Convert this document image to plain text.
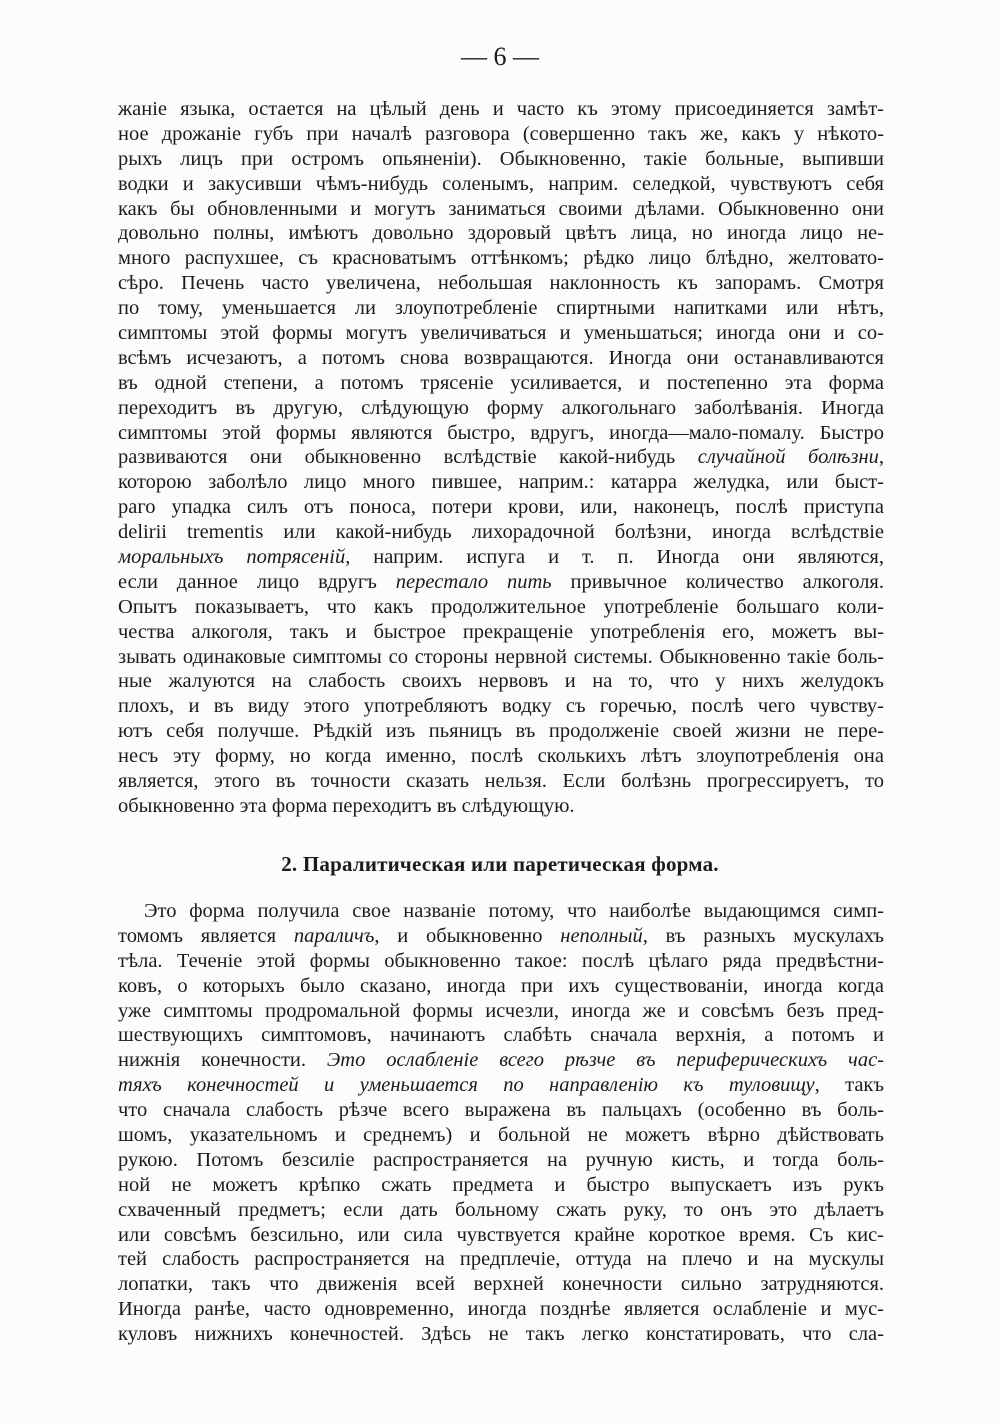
— 6 —
жаніе языка, остается на цѣлый день и часто къ этому присоединяется замѣт-
ное дрожаніе губъ при началѣ разговора (совершенно такъ же, какъ у нѣкото-
рыхъ лицъ при остромъ опьяненіи). Обыкновенно, такіе больные, выпивши
водки и закусивши чѣмъ-нибудь соленымъ, наприм. селедкой, чувствуютъ себя
какъ бы обновленными и могутъ заниматься своими дѣлами. Обыкновенно они
довольно полны, имѣютъ довольно здоровый цвѣтъ лица, но иногда лицо не-
много распухшее, съ красноватымъ оттѣнкомъ; рѣдко лицо блѣдно, желтовато-
сѣро. Печень часто увеличена, небольшая наклонность къ запорамъ. Смотря
по тому, уменьшается ли злоупотребленіе спиртными напитками или нѣтъ,
симптомы этой формы могутъ увеличиваться и уменьшаться; иногда они и со-
всѣмъ исчезаютъ, а потомъ снова возвращаются. Иногда они останавливаются
въ одной степени, а потомъ трясеніе усиливается, и постепенно эта форма
переходитъ въ другую, слѣдующую форму алкогольнаго заболѣванія. Иногда
симптомы этой формы являются быстро, вдругъ, иногда—мало-помалу. Быстро
развиваются они обыкновенно вслѣдствіе какой-нибудь случайной болѣзни,
которою заболѣло лицо много пившее, наприм.: катарра желудка, или быст-
раго упадка силъ отъ поноса, потери крови, или, наконецъ, послѣ приступа
delirii trementis или какой-нибудь лихорадочной болѣзни, иногда вслѣдствіе
моральныхъ потрясеній, наприм. испуга и т. п. Иногда они являются,
если данное лицо вдругъ перестало пить привычное количество алкоголя.
Опытъ показываетъ, что какъ продолжительное употребленіе большаго коли-
чества алкоголя, такъ и быстрое прекращеніе употребленія его, можетъ вы-
зывать одинаковые симптомы со стороны нервной системы. Обыкновенно такіе боль-
ные жалуются на слабость своихъ нервовъ и на то, что у нихъ желудокъ
плохъ, и въ виду этого употребляютъ водку съ горечью, послѣ чего чувству-
ютъ себя получше. Рѣдкій изъ пьяницъ въ продолженіе своей жизни не пере-
несъ эту форму, но когда именно, послѣ сколькихъ лѣтъ злоупотребленія она
является, этого въ точности сказать нельзя. Если болѣзнь прогрессируетъ, то
обыкновенно эта форма переходитъ въ слѣдующую.
2. Паралитическая или паретическая форма.
Это форма получила свое названіе потому, что наиболѣе выдающимся симп-
томомъ является параличъ, и обыкновенно неполный, въ разныхъ мускулахъ
тѣла. Теченіе этой формы обыкновенно такое: послѣ цѣлаго ряда предвѣстни-
ковъ, о которыхъ было сказано, иногда при ихъ существованіи, иногда когда
уже симптомы продромальной формы исчезли, иногда же и совсѣмъ безъ пред-
шествующихъ симптомовъ, начинаютъ слабѣть сначала верхнія, а потомъ и
нижнія конечности. Это ослабленіе всего рѣзче въ периферическихъ час-
тяхъ конечностей и уменьшается по направленію къ туловищу, такъ
что сначала слабость рѣзче всего выражена въ пальцахъ (особенно въ боль-
шомъ, указательномъ и среднемъ) и больной не можетъ вѣрно дѣйствовать
рукою. Потомъ безсиліе распространяется на ручную кисть, и тогда боль-
ной не можетъ крѣпко сжать предмета и быстро выпускаетъ изъ рукъ
схваченный предметъ; если дать больному сжать руку, то онъ это дѣлаетъ
или совсѣмъ безсильно, или сила чувствуется крайне короткое время. Съ кис-
тей слабость распространяется на предплечіе, оттуда на плечо и на мускулы
лопатки, такъ что движенія всей верхней конечности сильно затрудняются.
Иногда ранѣе, часто одновременно, иногда позднѣе является ослабленіе и мус-
куловъ нижнихъ конечностей. Здѣсь не такъ легко констатировать, что сла-
